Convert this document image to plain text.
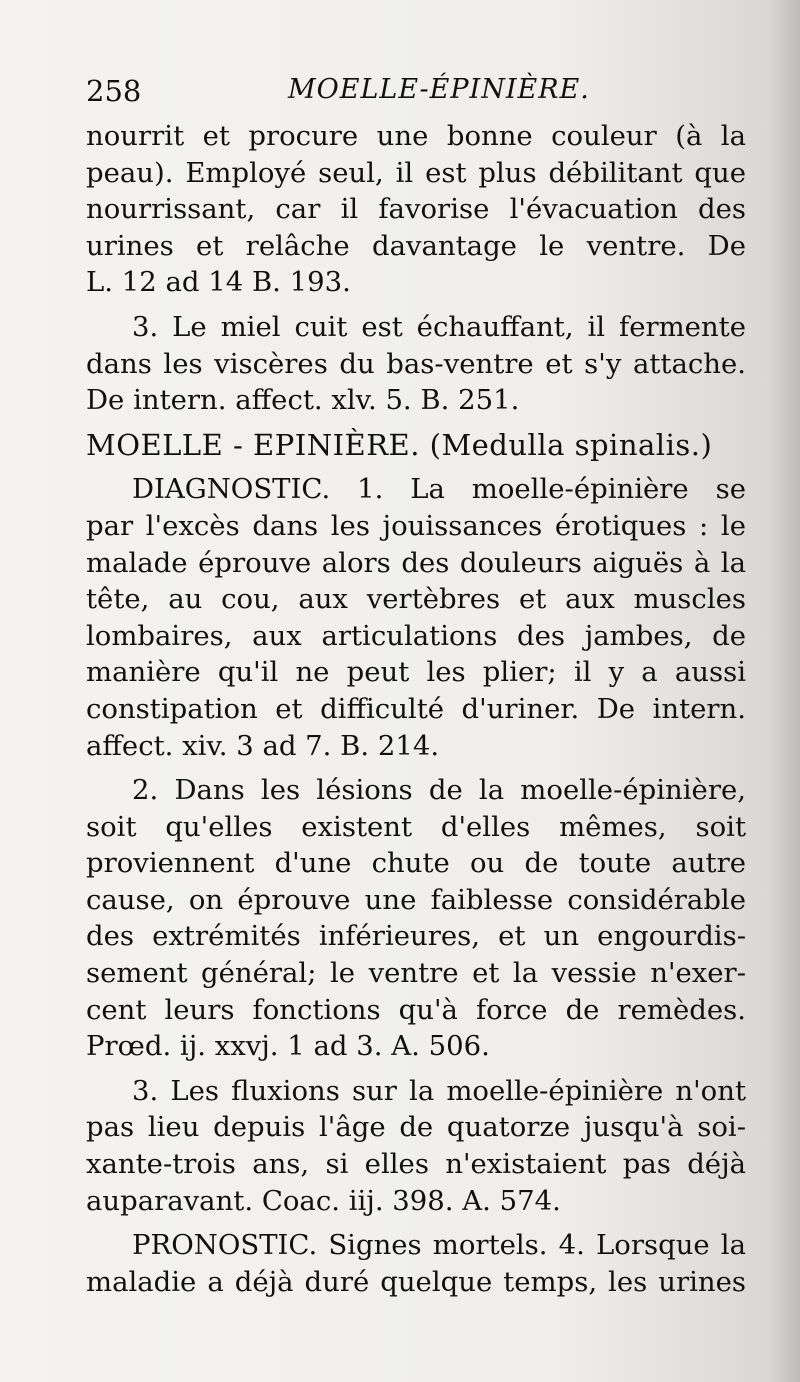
258	MOELLE-ÉPINIÈRE.
nourrit et procure une bonne couleur (à la
peau). Employé seul, il est plus débilitant que
nourrissant, car il favorise l'évacuation des
urines et relâche davantage le ventre. De
L. 12 ad 14 B. 193.
3. Le miel cuit est échauffant, il fermente
dans les viscères du bas-ventre et s'y attache.
De intern. affect. xlv. 5. B. 251.
MOELLE - EPINIÈRE. (Medulla spinalis.)
DIAGNOSTIC. 1. La moelle-épinière se
par l'excès dans les jouissances érotiques : le
malade éprouve alors des douleurs aiguës à la
tête, au cou, aux vertèbres et aux muscles
lombaires, aux articulations des jambes, de
manière qu'il ne peut les plier; il y a aussi
constipation et difficulté d'uriner. De intern.
affect. xiv. 3 ad 7. B. 214.
2. Dans les lésions de la moelle-épinière,
soit qu'elles existent d'elles mêmes, soit
proviennent d'une chute ou de toute autre
cause, on éprouve une faiblesse considérable
des extrémités inférieures, et un engourdis-
sement général; le ventre et la vessie n'exer-
cent leurs fonctions qu'à force de remèdes.
Prœd. ij. xxvj. 1 ad 3. A. 506.
3. Les fluxions sur la moelle-épinière n'ont
pas lieu depuis l'âge de quatorze jusqu'à soi-
xante-trois ans, si elles n'existaient pas déjà
auparavant. Coac. iij. 398. A. 574.
PRONOSTIC. Signes mortels. 4. Lorsque la
maladie a déjà duré quelque temps, les urines
